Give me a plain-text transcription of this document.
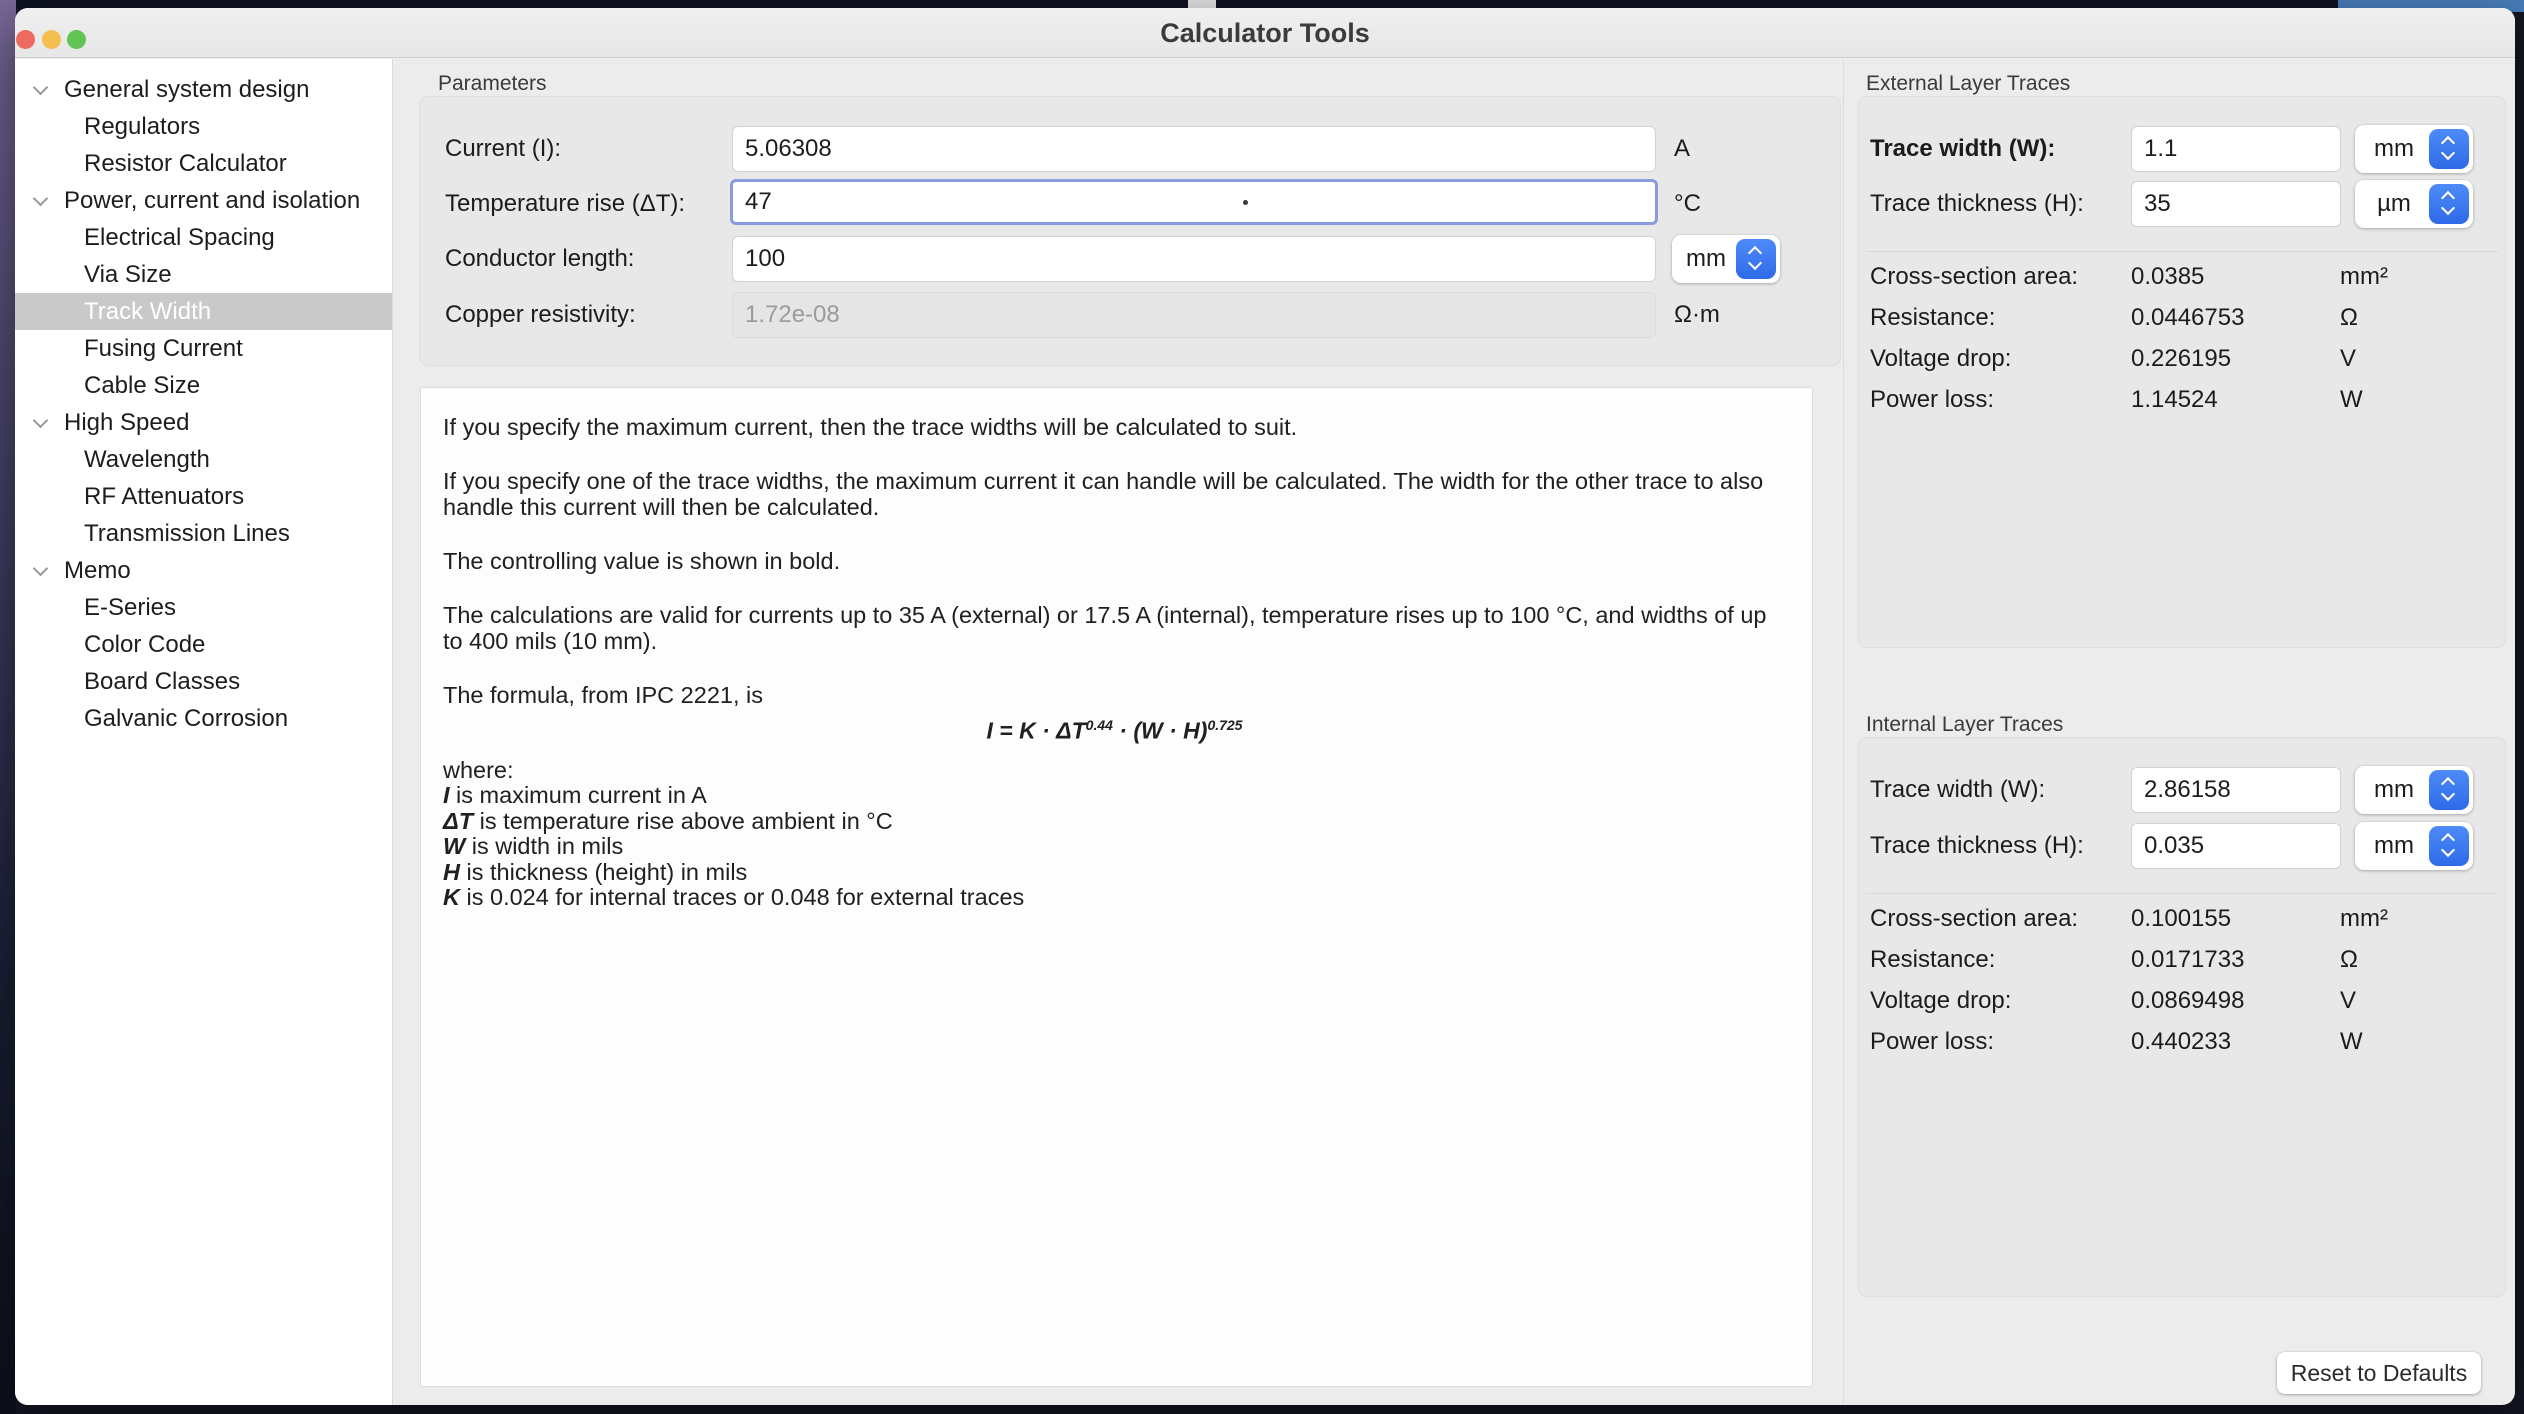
Calculator Tools
General system design
Regulators
Resistor Calculator
Power, current and isolation
Electrical Spacing
Via Size
Track Width
Fusing Current
Cable Size
High Speed
Wavelength
RF Attenuators
Transmission Lines
Memo
E-Series
Color Code
Board Classes
Galvanic Corrosion
Parameters
Current (I):
5.06308	A
Temperature rise (ΔT):
47	°C
Conductor length:
100	mm
Copper resistivity:
1.72e-08	Ω·m

If you specify the maximum current, then the trace widths will be calculated to suit.

If you specify one of the trace widths, the maximum current it can handle will be calculated. The width for the other trace to also handle this current will then be calculated.

The controlling value is shown in bold.

The calculations are valid for currents up to 35 A (external) or 17.5 A (internal), temperature rises up to 100 °C, and widths of up to 400 mils (10 mm).

The formula, from IPC 2221, is
$I = K \cdot \Delta T^{0.44} \cdot (W \cdot H)^{0.725}$
where:
I is maximum current in A
ΔT is temperature rise above ambient in °C
W is width in mils
H is thickness (height) in mils
K is 0.024 for internal traces or 0.048 for external traces
External Layer Traces
Trace width (W):
1.1	mm
Trace thickness (H):
35	µm
Cross-section area: 0.0385	mm²
Resistance:	0.0446753	Ω
Voltage drop:	0.226195	V
Power loss:	1.14524	W
Internal Layer Traces
Trace width (W):
2.86158	mm
Trace thickness (H):
0.035	mm
Cross-section area: 0.100155	mm²
Resistance:	0.0171733	Ω
Voltage drop:	0.0869498	V
Power loss:	0.440233	W
Reset to Defaults
